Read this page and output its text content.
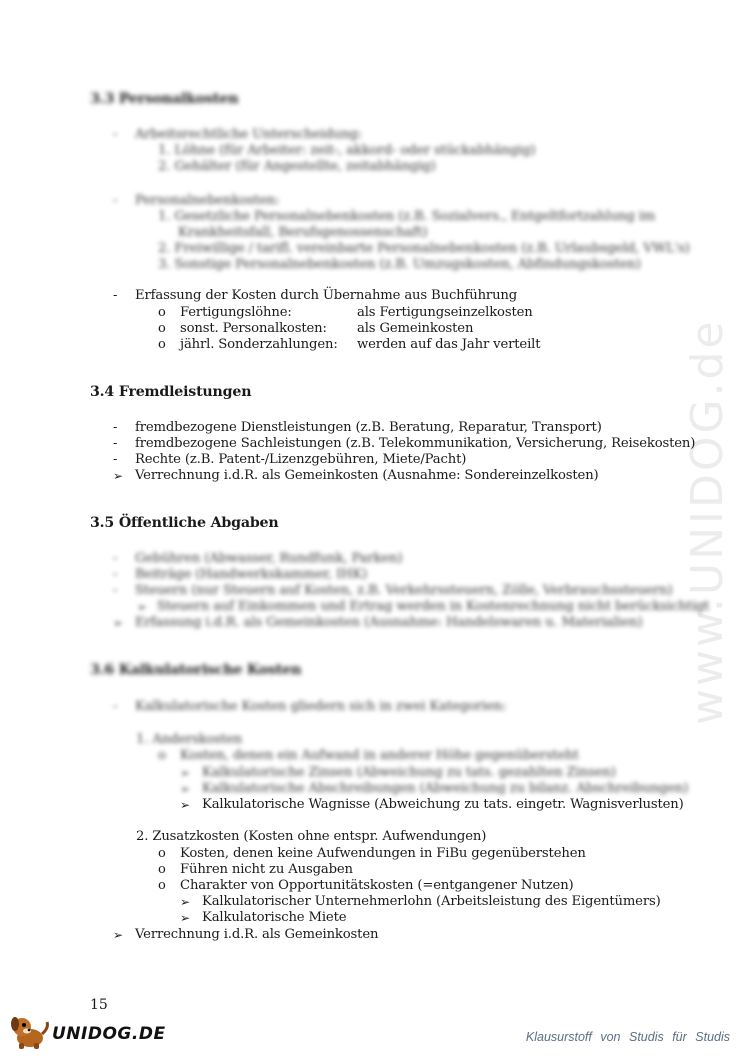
www.UNIDOG.de
3.3 Personalkosten
- Arbeitsrechtliche Unterscheidung:
1. Löhne (für Arbeiter: zeit-, akkord- oder stückabhängig)
2. Gehälter (für Angestellte, zeitabhängig)
- Personalnebenkosten:
1. Gesetzliche Personalnebenkosten (z.B. Sozialvers., Entgeltfortzahlung im
Krankheitsfall, Berufsgenossenschaft)
2. Freiwillige / tarifl. vereinbarte Personalnebenkosten (z.B. Urlaubsgeld, VWL's)
3. Sonstige Personalnebenkosten (z.B. Umzugskosten, Abfindungskosten)
- Erfassung der Kosten durch Übernahme aus Buchführung
o Fertigungslöhne:	als Fertigungseinzelkosten
o sonst. Personalkosten: als Gemeinkosten
o jährl. Sonderzahlungen: werden auf das Jahr verteilt
3.4 Fremdleistungen
- fremdbezogene Dienstleistungen (z.B. Beratung, Reparatur, Transport)
- fremdbezogene Sachleistungen (z.B. Telekommunikation, Versicherung, Reisekosten)
- Rechte (z.B. Patent-/Lizenzgebühren, Miete/Pacht)
➢ Verrechnung i.d.R. als Gemeinkosten (Ausnahme: Sondereinzelkosten)
3.5 Öffentliche Abgaben
- Gebühren (Abwasser, Rundfunk, Parken)
- Beiträge (Handwerkskammer, IHK)
- Steuern (nur Steuern auf Kosten, z.B. Verkehrssteuern, Zölle, Verbrauchssteuern)
➢ Steuern auf Einkommen und Ertrag werden in Kostenrechnung nicht berücksichtigt
➢ Erfassung i.d.R. als Gemeinkosten (Ausnahme: Handelswaren u. Materialien)
3.6 Kalkulatorische Kosten
- Kalkulatorische Kosten gliedern sich in zwei Kategorien:
1. Anderskosten
o Kosten, denen ein Aufwand in anderer Höhe gegenübersteht
➢ Kalkulatorische Zinsen (Abweichung zu tats. gezahlten Zinsen)
➢ Kalkulatorische Abschreibungen (Abweichung zu bilanz. Abschreibungen)
➢ Kalkulatorische Wagnisse (Abweichung zu tats. eingetr. Wagnisverlusten)
2. Zusatzkosten (Kosten ohne entspr. Aufwendungen)
o Kosten, denen keine Aufwendungen in FiBu gegenüberstehen
o Führen nicht zu Ausgaben
o Charakter von Opportunitätskosten (=entgangener Nutzen)
➢ Kalkulatorischer Unternehmerlohn (Arbeitsleistung des Eigentümers)
➢ Kalkulatorische Miete
➢ Verrechnung i.d.R. als Gemeinkosten
15
UNIDOG.DE	Klausurstoff von Studis für Studis
